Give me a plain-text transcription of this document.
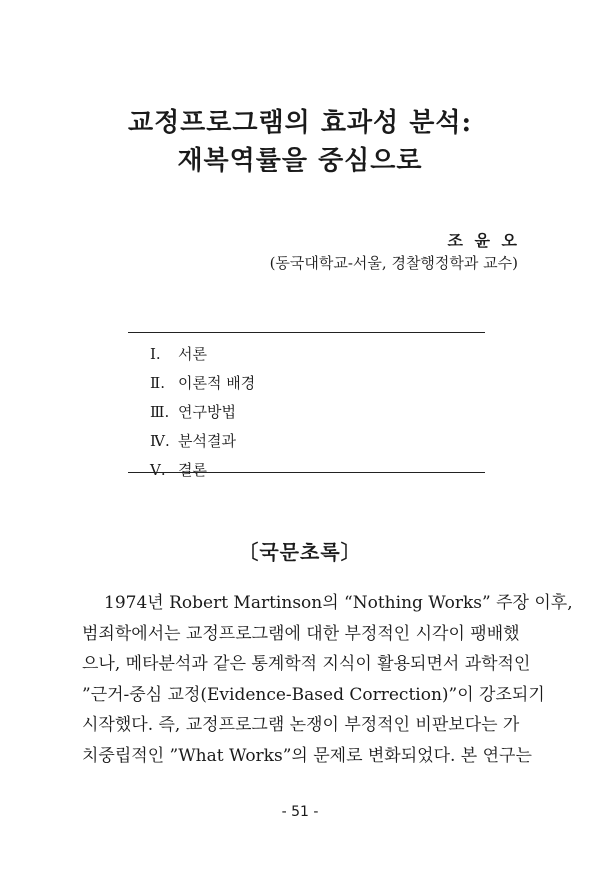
교정프로그램의 효과성 분석:
재복역률을 중심으로
조 윤 오
(동국대학교-서울, 경찰행정학과 교수)
Ⅰ. 서론
Ⅱ. 이론적 배경
Ⅲ. 연구방법
Ⅳ. 분석결과
Ⅴ. 결론
〔국문초록〕

1974년 Robert Martinson의 “Nothing Works” 주장 이후,
범죄학에서는 교정프로그램에 대한 부정적인 시각이 팽배했
으나, 메타분석과 같은 통계학적 지식이 활용되면서 과학적인
”근거-중심 교정(Evidence-Based Correction)”이 강조되기
시작했다. 즉, 교정프로그램 논쟁이 부정적인 비판보다는 가
치중립적인 ”What Works”의 문제로 변화되었다. 본 연구는

- 51 -
